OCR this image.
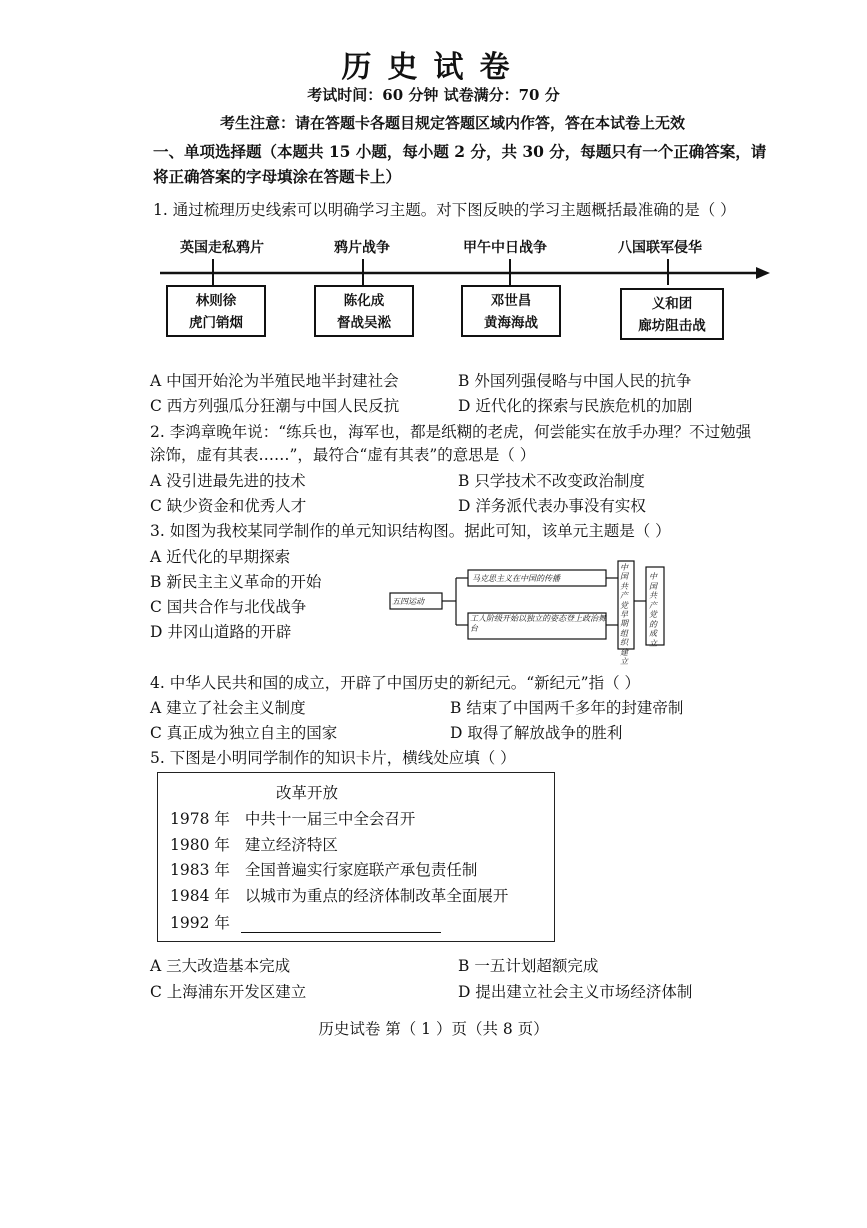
历史试卷
考试时间：60 分钟 试卷满分：70 分
考生注意：请在答题卡各题目规定答题区域内作答，答在本试卷上无效
一、单项选择题（本题共 15 小题，每小题 2 分，共 30 分，每题只有一个正确答案，请
将正确答案的字母填涂在答题卡上）
1. 通过梳理历史线索可以明确学习主题。对下图反映的学习主题概括最准确的是（ ）
英国走私鸦片	鸦片战争	甲午中日战争	八国联军侵华
林则徐
虎门销烟
陈化成
督战吴淞
邓世昌
黄海海战
义和团
廊坊阻击战
A 中国开始沦为半殖民地半封建社会	B 外国列强侵略与中国人民的抗争
C 西方列强瓜分狂潮与中国人民反抗	D 近代化的探索与民族危机的加剧
2. 李鸿章晚年说：“练兵也，海军也，都是纸糊的老虎，何尝能实在放手办理？不过勉强
涂饰，虚有其表……”，最符合“虚有其表”的意思是（ ）
A 没引进最先进的技术	B 只学技术不改变政治制度
C 缺少资金和优秀人才	D 洋务派代表办事没有实权
3. 如图为我校某同学制作的单元知识结构图。据此可知，该单元主题是（ ）
A 近代化的早期探索
B 新民主主义革命的开始
C 国共合作与北伐战争
D 井冈山道路的开辟
五四运动
马克思主义在中国的传播
工人阶级开始以独立的姿态登上政治舞台
中国共产党早期组织建立
中国共产党的成立
4. 中华人民共和国的成立，开辟了中国历史的新纪元。“新纪元”指（ ）
A 建立了社会主义制度	B 结束了中国两千多年的封建帝制
C 真正成为独立自主的国家	D 取得了解放战争的胜利
5. 下图是小明同学制作的知识卡片，横线处应填（ ）
改革开放
1978 年 中共十一届三中全会召开
1980 年 建立经济特区
1983 年 全国普遍实行家庭联产承包责任制
1984 年 以城市为重点的经济体制改革全面展开
1992 年
A 三大改造基本完成	B 一五计划超额完成
C 上海浦东开发区建立	D 提出建立社会主义市场经济体制
历史试卷 第（ 1 ）页（共 8 页）
